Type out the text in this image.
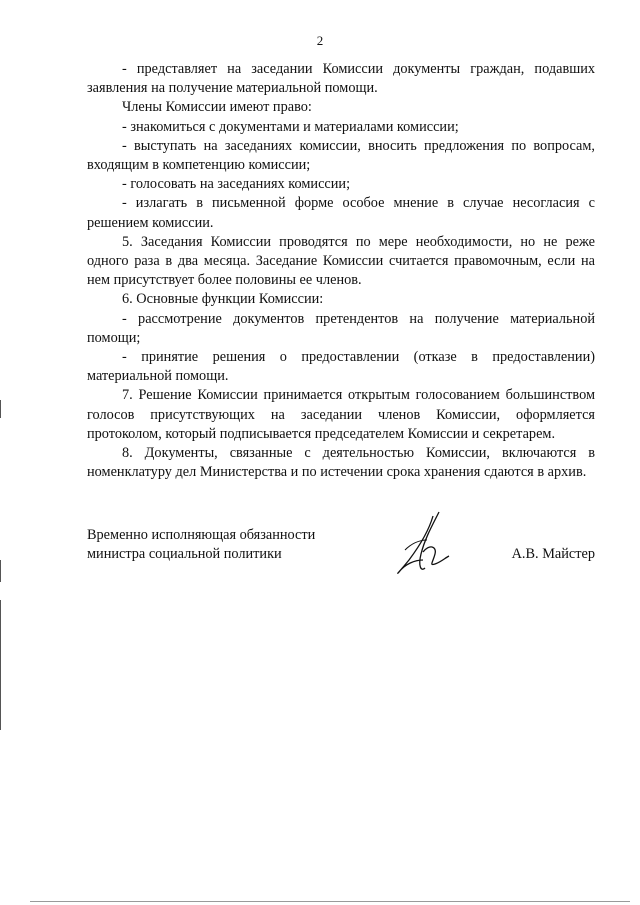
2

- представляет на заседании Комиссии документы граждан, подавших заявления на получение материальной помощи.

Члены Комиссии имеют право:

- знакомиться с документами и материалами комиссии;

- выступать на заседаниях комиссии, вносить предложения по вопросам, входящим в компетенцию комиссии;

- голосовать на заседаниях комиссии;

- излагать в письменной форме особое мнение в случае несогласия с решением комиссии.

5. Заседания Комиссии проводятся по мере необходимости, но не реже одного раза в два месяца. Заседание Комиссии считается правомочным, если на нем присутствует более половины ее членов.

6. Основные функции Комиссии:

- рассмотрение документов претендентов на получение материальной помощи;

- принятие решения о предоставлении (отказе в предоставлении) материальной помощи.

7. Решение Комиссии принимается открытым голосованием большинством голосов присутствующих на заседании членов Комиссии, оформляется протоколом, который подписывается председателем Комиссии и секретарем.

8. Документы, связанные с деятельностью Комиссии, включаются в номенклатуру дел Министерства и по истечении срока хранения сдаются в архив.

Временно исполняющая обязанности
министра социальной политики	А.В. Майстер
